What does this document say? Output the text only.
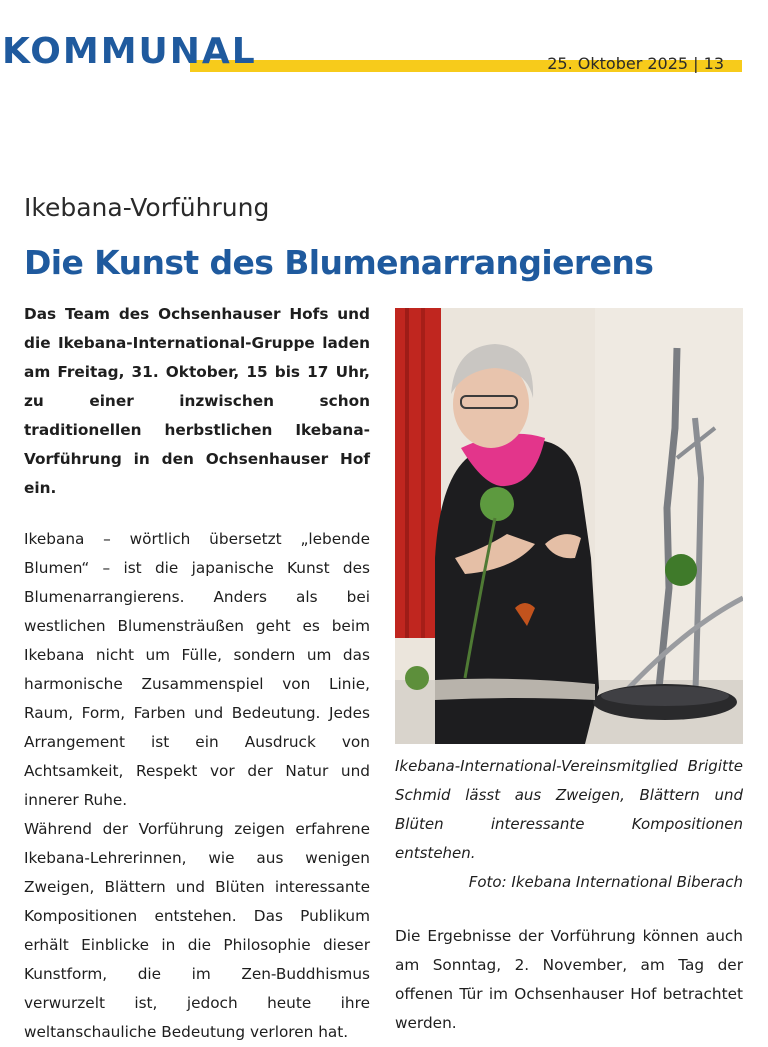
KOMMUNAL	25. Oktober 2025 | 13
Ikebana-Vorführung
Die Kunst des Blumenarrangierens

Das Team des Ochsenhauser Hofs und die Ikebana-International-Gruppe laden am Freitag, 31. Oktober, 15 bis 17 Uhr, zu einer inzwischen schon traditionellen herbstlichen Ikebana-Vorführung in den Ochsenhauser Hof ein.

Ikebana – wörtlich übersetzt „lebende Blumen“ – ist die japanische Kunst des Blumenarrangierens. Anders als bei westlichen Blumensträußen geht es beim Ikebana nicht um Fülle, sondern um das harmonische Zusammenspiel von Linie, Raum, Form, Farben und Bedeutung. Jedes Arrangement ist ein Ausdruck von Achtsamkeit, Respekt vor der Natur und innerer Ruhe.

Während der Vorführung zeigen erfahrene Ikebana-Lehrerinnen, wie aus wenigen Zweigen, Blättern und Blüten interessante Kompositionen entstehen. Das Publikum erhält Einblicke in die Philosophie dieser Kunstform, die im Zen-Buddhismus verwurzelt ist, jedoch heute ihre weltanschauliche Bedeutung verloren hat.

Ikebana-International-Vereinsmitglied Brigitte Schmid lässt aus Zweigen, Blättern und Blüten interessante Kompositionen entstehen.
Foto: Ikebana International Biberach

Die Ergebnisse der Vorführung können auch am Sonntag, 2. November, am Tag der offenen Tür im Ochsenhauser Hof betrachtet werden.
